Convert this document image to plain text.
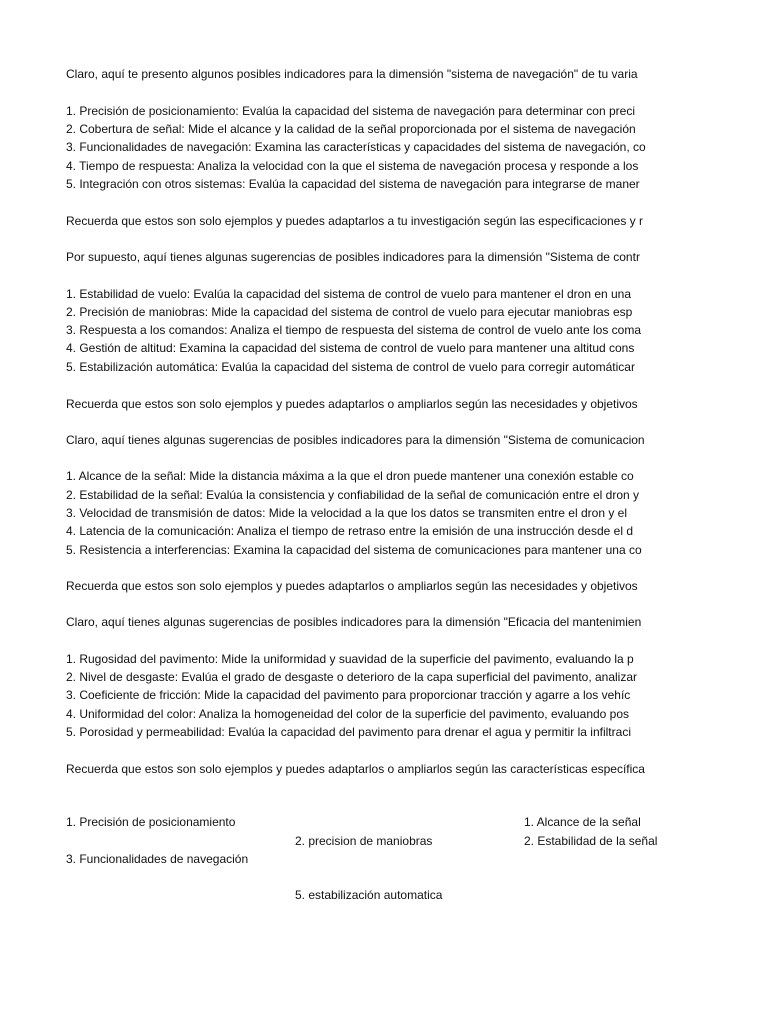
Claro, aquí te presento algunos posibles indicadores para la dimensión "sistema de navegación" de tu varia
1. Precisión de posicionamiento: Evalúa la capacidad del sistema de navegación para determinar con preci
2. Cobertura de señal: Mide el alcance y la calidad de la señal proporcionada por el sistema de navegación
3. Funcionalidades de navegación: Examina las características y capacidades del sistema de navegación, co
4. Tiempo de respuesta: Analiza la velocidad con la que el sistema de navegación procesa y responde a los
5. Integración con otros sistemas: Evalúa la capacidad del sistema de navegación para integrarse de maner
Recuerda que estos son solo ejemplos y puedes adaptarlos a tu investigación según las especificaciones y r
Por supuesto, aquí tienes algunas sugerencias de posibles indicadores para la dimensión "Sistema de contr
1. Estabilidad de vuelo: Evalúa la capacidad del sistema de control de vuelo para mantener el dron en una
2. Precisión de maniobras: Mide la capacidad del sistema de control de vuelo para ejecutar maniobras esp
3. Respuesta a los comandos: Analiza el tiempo de respuesta del sistema de control de vuelo ante los coma
4. Gestión de altitud: Examina la capacidad del sistema de control de vuelo para mantener una altitud cons
5. Estabilización automática: Evalúa la capacidad del sistema de control de vuelo para corregir automáticar
Recuerda que estos son solo ejemplos y puedes adaptarlos o ampliarlos según las necesidades y objetivos
Claro, aquí tienes algunas sugerencias de posibles indicadores para la dimensión "Sistema de comunicacion
1. Alcance de la señal: Mide la distancia máxima a la que el dron puede mantener una conexión estable co
2. Estabilidad de la señal: Evalúa la consistencia y confiabilidad de la señal de comunicación entre el dron y
3. Velocidad de transmisión de datos: Mide la velocidad a la que los datos se transmiten entre el dron y el
4. Latencia de la comunicación: Analiza el tiempo de retraso entre la emisión de una instrucción desde el d
5. Resistencia a interferencias: Examina la capacidad del sistema de comunicaciones para mantener una co
Recuerda que estos son solo ejemplos y puedes adaptarlos o ampliarlos según las necesidades y objetivos
Claro, aquí tienes algunas sugerencias de posibles indicadores para la dimensión "Eficacia del mantenimien
1. Rugosidad del pavimento: Mide la uniformidad y suavidad de la superficie del pavimento, evaluando la p
2. Nivel de desgaste: Evalúa el grado de desgaste o deterioro de la capa superficial del pavimento, analizar
3. Coeficiente de fricción: Mide la capacidad del pavimento para proporcionar tracción y agarre a los vehíc
4. Uniformidad del color: Analiza la homogeneidad del color de la superficie del pavimento, evaluando pos
5. Porosidad y permeabilidad: Evalúa la capacidad del pavimento para drenar el agua y permitir la infiltraci
Recuerda que estos son solo ejemplos y puedes adaptarlos o ampliarlos según las características específica
1. Precisión de posicionamiento	1. Alcance de la señal
2. precision de maniobras	2. Estabilidad de la señal
3. Funcionalidades de navegación
5. estabilización automatica
